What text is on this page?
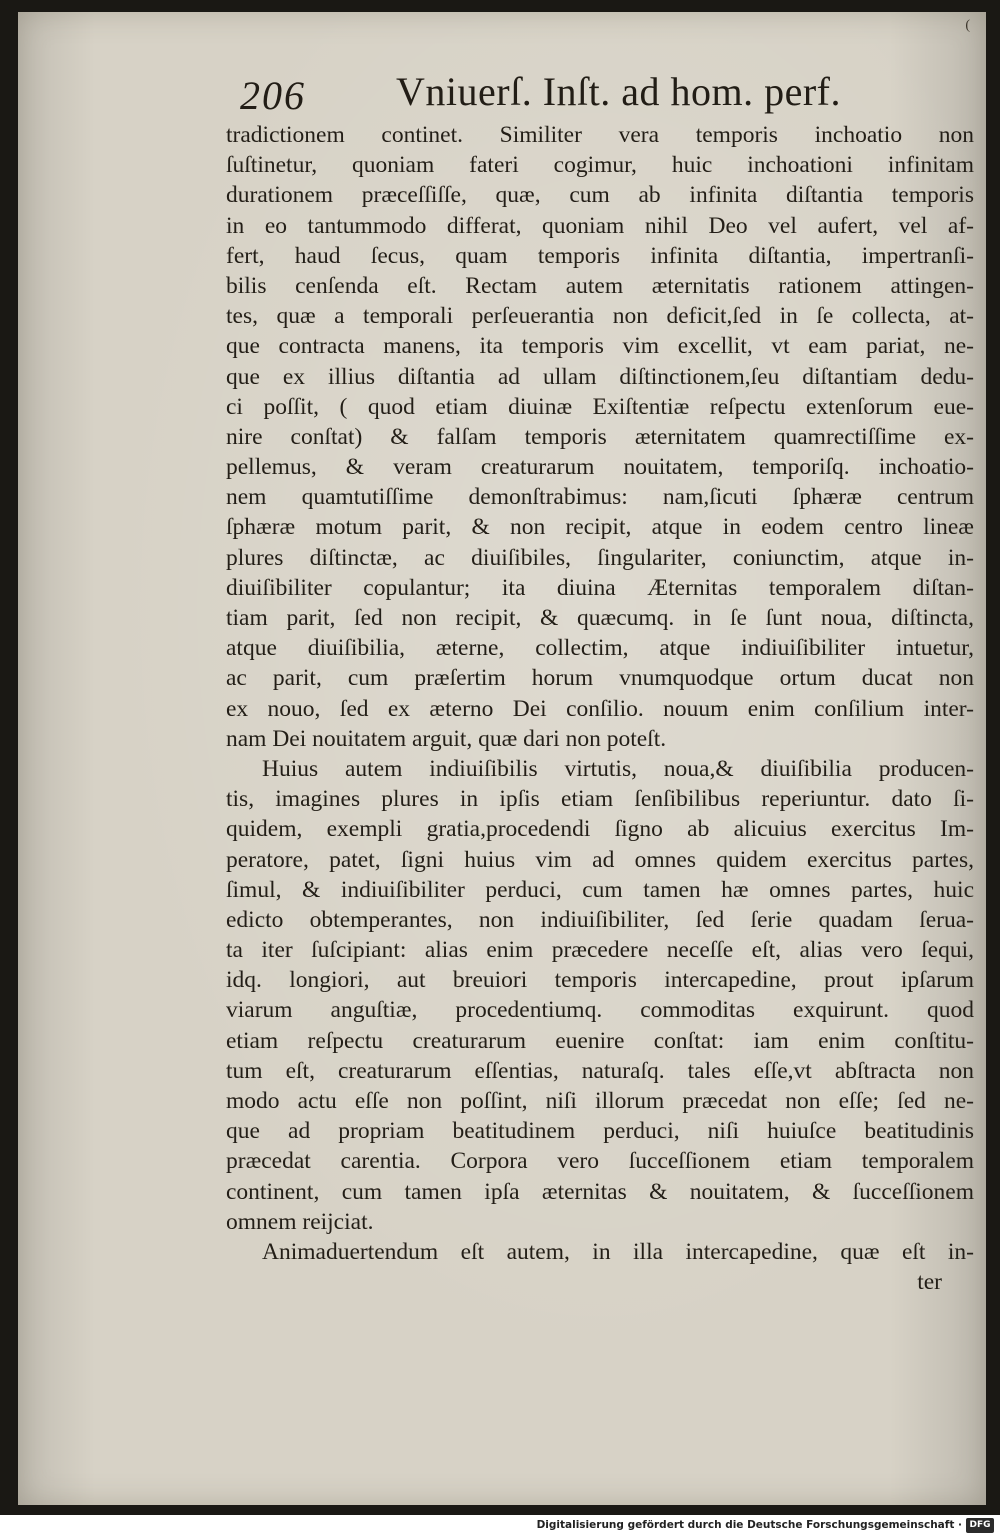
(
206 Vniuerſ. Inſt. ad hom. perf.
tradictionem continet. Similiter vera temporis inchoatio non
ſuſtinetur, quoniam fateri cogimur, huic inchoationi infinitam
durationem præceſſiſſe, quæ, cum ab infinita diſtantia temporis
in eo tantummodo differat, quoniam nihil Deo vel aufert, vel af-
fert, haud ſecus, quam temporis infinita diſtantia, impertranſi-
bilis cenſenda eſt. Rectam autem æternitatis rationem attingen-
tes, quæ a temporali perſeuerantia non deficit,ſed in ſe collecta, at-
que contracta manens, ita temporis vim excellit, vt eam pariat, ne-
que ex illius diſtantia ad ullam diſtinctionem,ſeu diſtantiam dedu-
ci poſſit, ( quod etiam diuinæ Exiſtentiæ reſpectu extenſorum eue-
nire conſtat) & falſam temporis æternitatem quamrectiſſime ex-
pellemus, & veram creaturarum nouitatem, temporiſq. inchoatio-
nem quamtutiſſime demonſtrabimus: nam,ſicuti ſphæræ centrum
ſphæræ motum parit, & non recipit, atque in eodem centro lineæ
plures diſtinctæ, ac diuiſibiles, ſingulariter, coniunctim, atque in-
diuiſibiliter copulantur; ita diuina Æternitas temporalem diſtan-
tiam parit, ſed non recipit, & quæcumq. in ſe ſunt noua, diſtincta,
atque diuiſibilia, æterne, collectim, atque indiuiſibiliter intuetur,
ac parit, cum præſertim horum vnumquodque ortum ducat non
ex nouo, ſed ex æterno Dei conſilio. nouum enim conſilium inter-
nam Dei nouitatem arguit, quæ dari non poteſt.
Huius autem indiuiſibilis virtutis, noua,& diuiſibilia producen-
tis, imagines plures in ipſis etiam ſenſibilibus reperiuntur. dato ſi-
quidem, exempli gratia,procedendi ſigno ab alicuius exercitus Im-
peratore, patet, ſigni huius vim ad omnes quidem exercitus partes,
ſimul, & indiuiſibiliter perduci, cum tamen hæ omnes partes, huic
edicto obtemperantes, non indiuiſibiliter, ſed ſerie quadam ſerua-
ta iter ſuſcipiant: alias enim præcedere neceſſe eſt, alias vero ſequi,
idq. longiori, aut breuiori temporis intercapedine, prout ipſarum
viarum anguſtiæ, procedentiumq. commoditas exquirunt. quod
etiam reſpectu creaturarum euenire conſtat: iam enim conſtitu-
tum eſt, creaturarum eſſentias, naturaſq. tales eſſe,vt abſtracta non
modo actu eſſe non poſſint, niſi illorum præcedat non eſſe; ſed ne-
que ad propriam beatitudinem perduci, niſi huiuſce beatitudinis
præcedat carentia. Corpora vero ſucceſſionem etiam temporalem
continent, cum tamen ipſa æternitas & nouitatem, & ſucceſſionem
omnem reijciat.
Animaduertendum eſt autem, in illa intercapedine, quæ eſt in-
ter
Digitalisierung gefördert durch die Deutsche Forschungsgemeinschaft · DFG
